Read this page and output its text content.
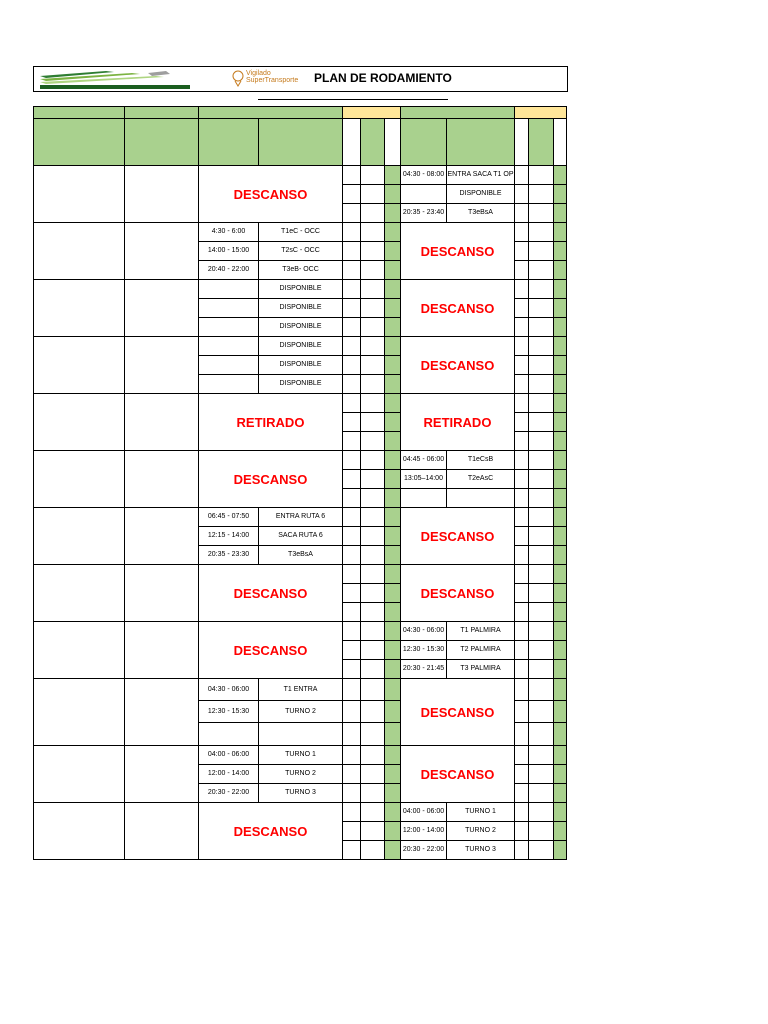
Vigilado
SuperTransporte PLAN DE RODAMIENTO

		DESCANSO					04:30 - 08:00	ENTRA SACA T1 OP			
								DISPONIBLE			
							20:35 - 23:40	T3eBsA			
		4:30 - 6:00	T1eC - OCC				DESCANSO				
		14:00 - 15:00	T2sC - OCC								
		20:40 - 22:00	T3eB- OCC								
			DISPONIBLE				DESCANSO				
			DISPONIBLE								
			DISPONIBLE								
			DISPONIBLE				DESCANSO				
			DISPONIBLE								
			DISPONIBLE								
		RETIRADO					RETIRADO				

		DESCANSO					04:45 - 06:00	T1eCsB			
							13:05–14:00	T2eAsC			

		06:45 - 07:50	ENTRA RUTA 6				DESCANSO				
		12:15 - 14:00	SACA RUTA 6								
		20:35 - 23:30	T3eBsA								
		DESCANSO					DESCANSO				

		DESCANSO					04:30 - 06:00	T1 PALMIRA			
							12:30 - 15:30	T2 PALMIRA			
							20:30 - 21:45	T3 PALMIRA			
		04:30 - 06:00	T1 ENTRA				DESCANSO				
		12:30 - 15:30	TURNO 2								

		04:00 - 06:00	TURNO 1				DESCANSO				
		12:00 - 14:00	TURNO 2								
		20:30 - 22:00	TURNO 3								
		DESCANSO					04:00 - 06:00	TURNO 1			
							12:00 - 14:00	TURNO 2			
							20:30 - 22:00	TURNO 3			
